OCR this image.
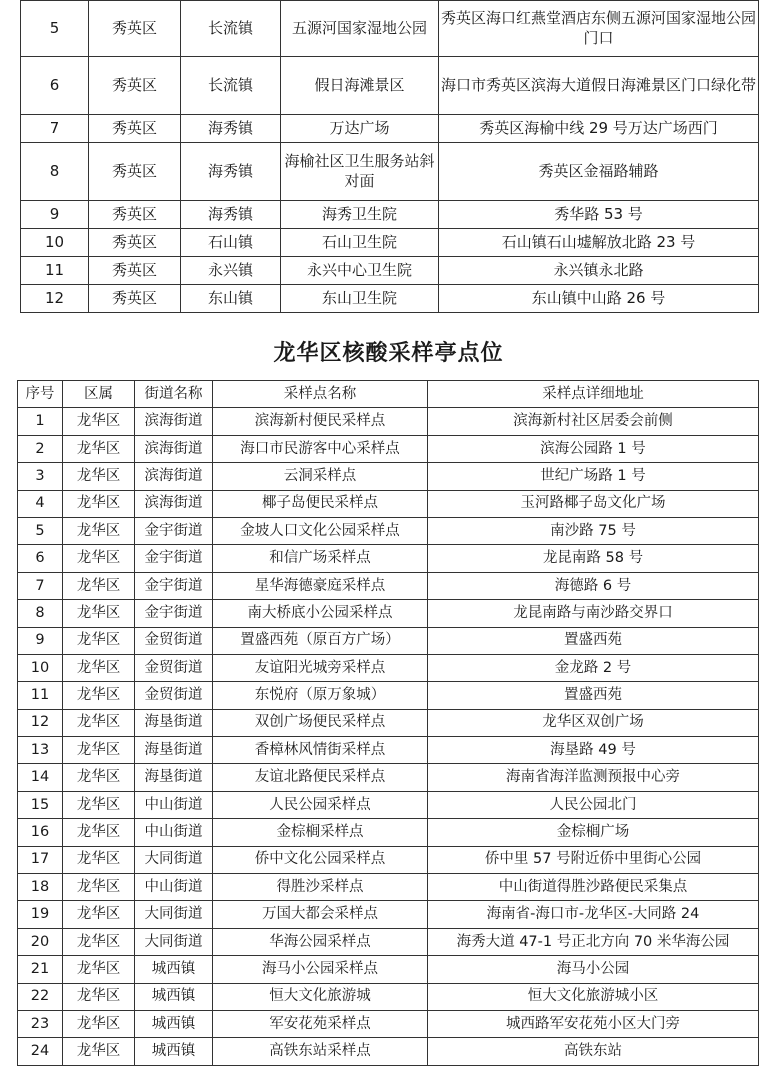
5	秀英区	长流镇	五源河国家湿地公园	秀英区海口红燕堂酒店东侧五源河国家湿地公园门口
6	秀英区	长流镇	假日海滩景区	海口市秀英区滨海大道假日海滩景区门口绿化带
7	秀英区	海秀镇	万达广场	秀英区海榆中线 29 号万达广场西门
8	秀英区	海秀镇	海榆社区卫生服务站斜对面	秀英区金福路辅路
9	秀英区	海秀镇	海秀卫生院	秀华路 53 号
10	秀英区	石山镇	石山卫生院	石山镇石山墟解放北路 23 号
11	秀英区	永兴镇	永兴中心卫生院	永兴镇永北路
12	秀英区	东山镇	东山卫生院	东山镇中山路 26 号
龙华区核酸采样亭点位
序号	区属	街道名称	采样点名称	采样点详细地址
1	龙华区	滨海街道	滨海新村便民采样点	滨海新村社区居委会前侧
2	龙华区	滨海街道	海口市民游客中心采样点	滨海公园路 1 号
3	龙华区	滨海街道	云洞采样点	世纪广场路 1 号
4	龙华区	滨海街道	椰子岛便民采样点	玉河路椰子岛文化广场
5	龙华区	金宇街道	金坡人口文化公园采样点	南沙路 75 号
6	龙华区	金宇街道	和信广场采样点	龙昆南路 58 号
7	龙华区	金宇街道	星华海德豪庭采样点	海德路 6 号
8	龙华区	金宇街道	南大桥底小公园采样点	龙昆南路与南沙路交界口
9	龙华区	金贸街道	置盛西苑（原百方广场）	置盛西苑
10	龙华区	金贸街道	友谊阳光城旁采样点	金龙路 2 号
11	龙华区	金贸街道	东悦府（原万象城）	置盛西苑
12	龙华区	海垦街道	双创广场便民采样点	龙华区双创广场
13	龙华区	海垦街道	香樟林风情街采样点	海垦路 49 号
14	龙华区	海垦街道	友谊北路便民采样点	海南省海洋监测预报中心旁
15	龙华区	中山街道	人民公园采样点	人民公园北门
16	龙华区	中山街道	金棕榈采样点	金棕榈广场
17	龙华区	大同街道	侨中文化公园采样点	侨中里 57 号附近侨中里街心公园
18	龙华区	中山街道	得胜沙采样点	中山街道得胜沙路便民采集点
19	龙华区	大同街道	万国大都会采样点	海南省-海口市-龙华区-大同路 24
20	龙华区	大同街道	华海公园采样点	海秀大道 47-1 号正北方向 70 米华海公园
21	龙华区	城西镇	海马小公园采样点	海马小公园
22	龙华区	城西镇	恒大文化旅游城	恒大文化旅游城小区
23	龙华区	城西镇	军安花苑采样点	城西路军安花苑小区大门旁
24	龙华区	城西镇	高铁东站采样点	高铁东站
